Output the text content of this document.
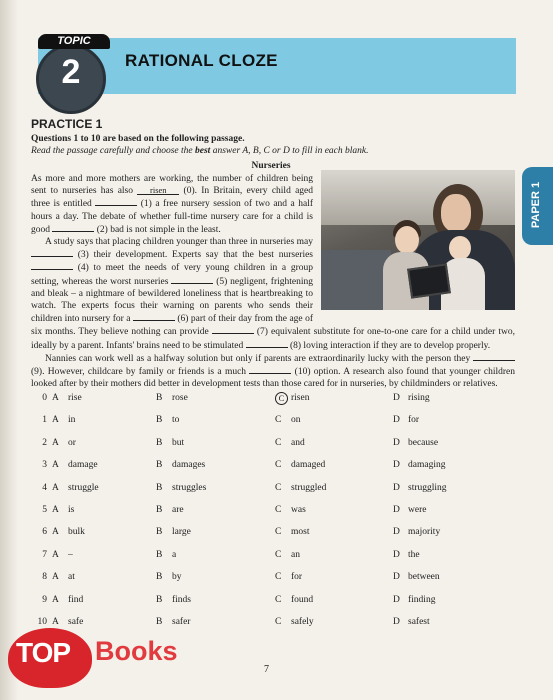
RATIONAL CLOZE
2
TOPIC
PAPER 1
PRACTICE 1
Questions 1 to 10 are based on the following passage.
Read the passage carefully and choose the best answer A, B, C or D to fill in each blank.
Nurseries

As more and more mothers are working, the number of children being sent to nurseries has also risen (0). In Britain, every child aged three is entitled	(1) a free nursery session of two and a half hours a day. The debate of whether full-time nursery care for a child is good	(2) bad is not simple in the least.

A study says that placing children younger than three in nurseries may  (3) their development. Experts say that the best nurseries  (4) to meet the needs of very young children in a group setting, whereas the worst nurseries	(5) negligent, frightening and bleak – a nightmare of bewildered loneliness that is heartbreaking to watch. The experts focus their warning on parents who sends their children into nursery for a	(6) part of their day from the age of six months. They believe nothing can provide	(7) equivalent substitute for one-to-one care for a child under two, ideally by a parent. Infants' brains need to be stimulated	(8) loving interaction if they are to develop properly.

Nannies can work well as a halfway solution but only if parents are extraordinarily lucky with the person they  (9). However, childcare by family or friends is a much	(10) option. A research also found that younger children looked after by their mothers did better in development tests than those cared for in nurseries, by childminders or relatives.

0 A rise	B rose	C risen	D rising
1 A in	B to	C on	D for
2 A or	B but	C and	D because
3 A damage	B damages	C damaged	D damaging
4 A struggle	B struggles	C struggled	D struggling
5 A is	B are	C was	D were
6 A bulk	B large	C most	D majority
7 A –	B a	C an	D the
8 A at	B by	C for	D between
9 A find	B finds	C found	D finding
10 A safe	B safer	C safely	D safest
7
TOP Books
